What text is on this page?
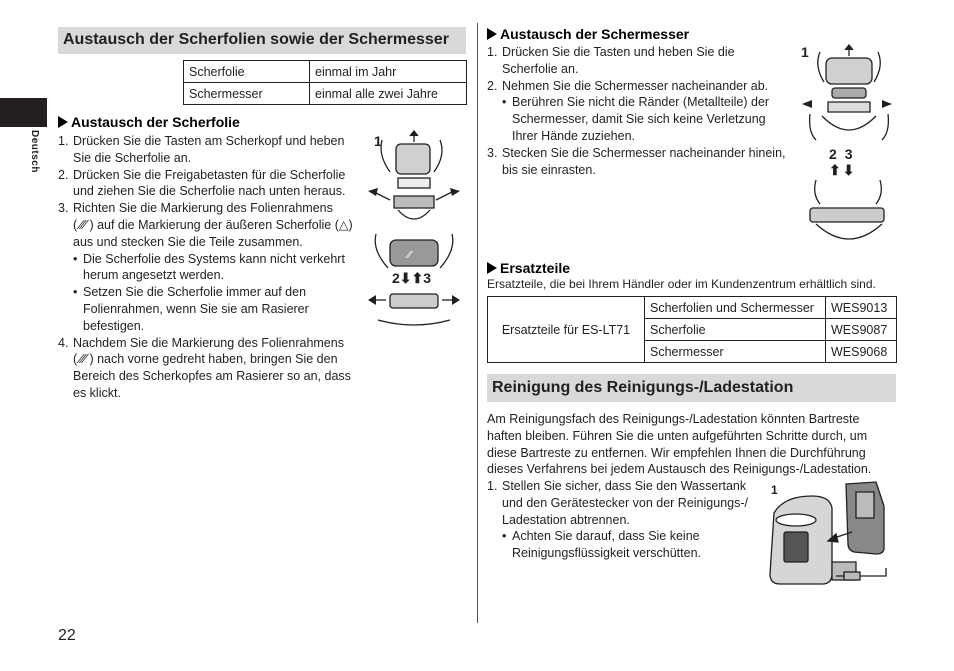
Deutsch
Austausch der Scherfolien sowie der Schermesser
Scherfolie	einmal im Jahr
Schermesser	einmal alle zwei Jahre
Austausch der Scherfolie
1. Drücken Sie die Tasten am Scherkopf und heben Sie die Scherfolie an.
2. Drücken Sie die Freigabetasten für die Scherfolie und ziehen Sie die Scherfolie nach unten heraus.
3. Richten Sie die Markierung des Folienrahmens ( ⁄⁄⁄ ) auf die Markierung der äußeren Scherfolie (△) aus und stecken Sie die Teile zusammen.
• Die Scherfolie des Systems kann nicht verkehrt herum angesetzt werden.
• Setzen Sie die Scherfolie immer auf den Folienrahmen, wenn Sie sie am Rasierer befestigen.
4. Nachdem Sie die Markierung des Folienrahmens ( ⁄⁄⁄ ) nach vorne gedreht haben, bringen Sie den Bereich des Scherkopfes am Rasierer so an, dass es klickt.
1
⁄⁄
2⬇⬆3
22
Austausch der Schermesser
1. Drücken Sie die Tasten und heben Sie die Scherfolie an.
2. Nehmen Sie die Schermesser nacheinander ab.
• Berühren Sie nicht die Ränder (Metallteile) der Schermesser, damit Sie sich keine Verletzung Ihrer Hände zuziehen.
3. Stecken Sie die Schermesser nacheinander hinein, bis sie einrasten.
1
2 3
⬆ ⬇
Ersatzteile
Ersatzteile, die bei Ihrem Händler oder im Kundenzentrum erhältlich sind.
Ersatzteile für ES-LT71	Scherfolien und Schermesser	WES9013
	Scherfolie	WES9087
	Schermesser	WES9068
Reinigung des Reinigungs-/Ladestation
Am Reinigungsfach des Reinigungs-/Ladestation könnten Bartreste haften bleiben. Führen Sie die unten aufgeführten Schritte durch, um diese Bartreste zu entfernen. Wir empfehlen Ihnen die Durchführung dieses Verfahrens bei jedem Austausch des Reinigungs-/Ladestation.
1. Stellen Sie sicher, dass Sie den Wassertank und den Gerätestecker von der Reinigungs-/ Ladestation abtrennen.
• Achten Sie darauf, dass Sie keine Reinigungsflüssigkeit verschütten.
1
